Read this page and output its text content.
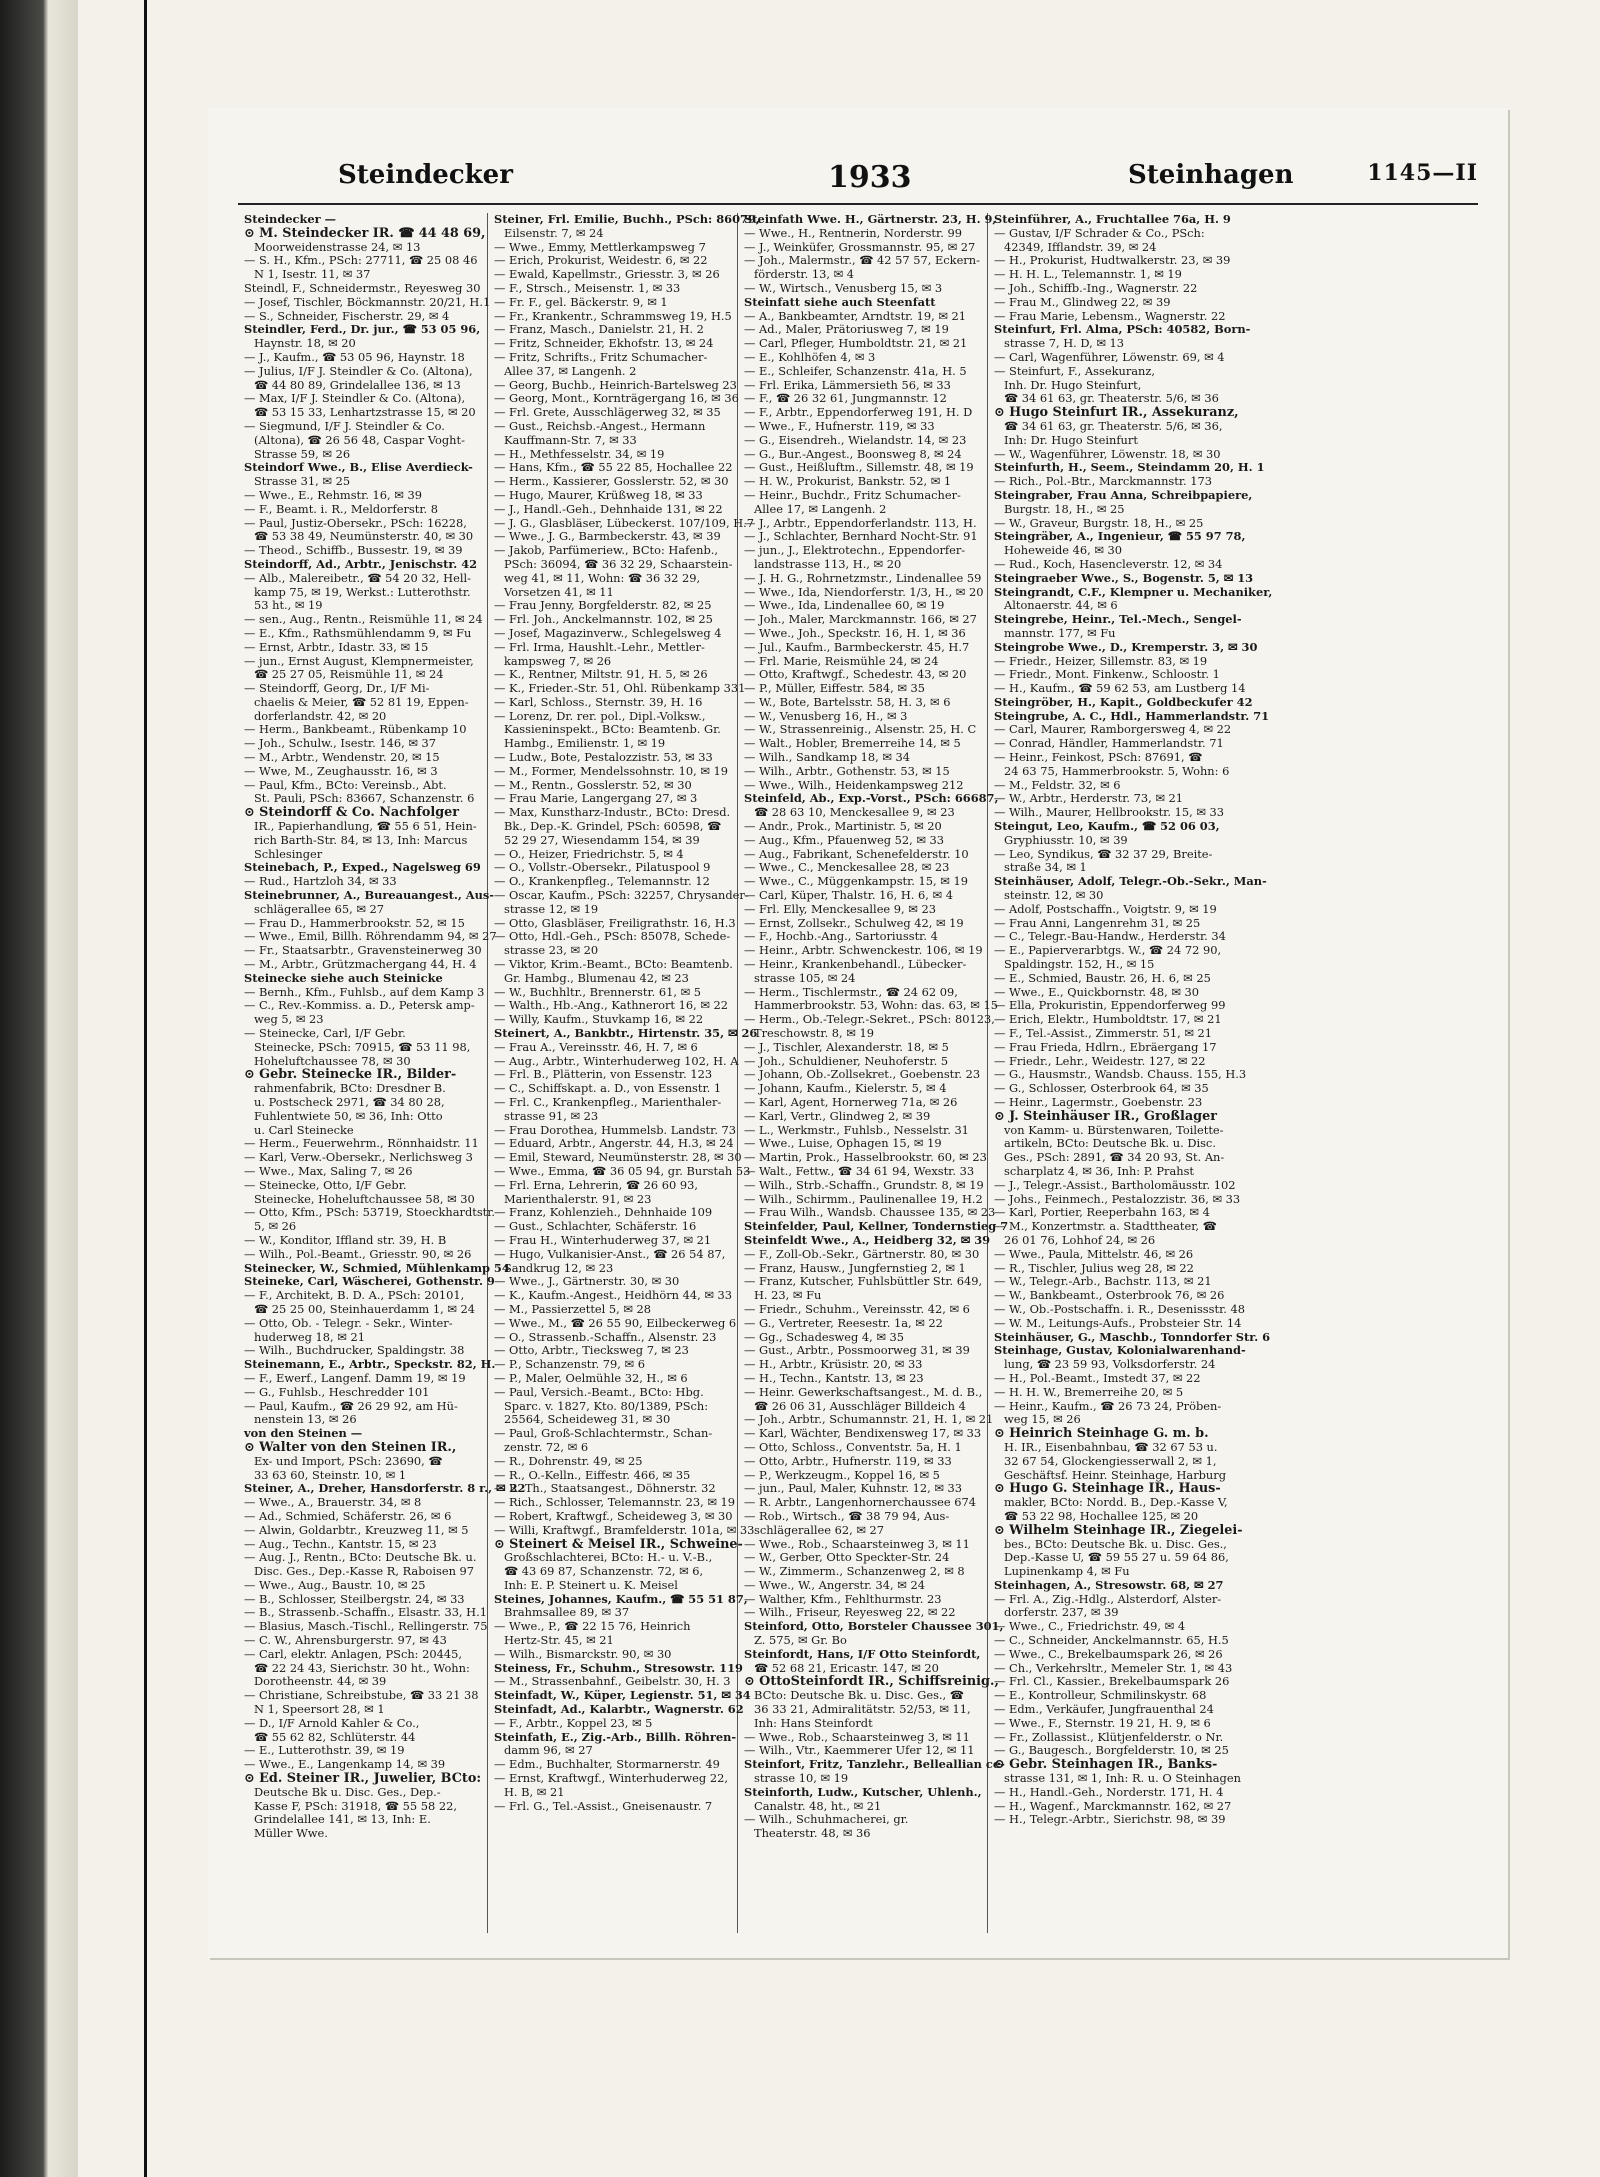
Steindecker	1933	Steinhagen	1145—II

Steindecker —

⊙ M. Steindecker IR. ☎ 44 48 69,

Moorweidenstrasse 24, ✉ 13

— S. H., Kfm., PSch: 27711, ☎ 25 08 46

N 1, Isestr. 11, ✉ 37

Steindl, F., Schneidermstr., Reyesweg 30

— Josef, Tischler, Böckmannstr. 20/21, H.1

— S., Schneider, Fischerstr. 29, ✉ 4

Steindler, Ferd., Dr. jur., ☎ 53 05 96,

Haynstr. 18, ✉ 20

— J., Kaufm., ☎ 53 05 96, Haynstr. 18

— Julius, I/F J. Steindler & Co. (Altona),

☎ 44 80 89, Grindelallee 136, ✉ 13

— Max, I/F J. Steindler & Co. (Altona),

☎ 53 15 33, Lenhartzstrasse 15, ✉ 20

— Siegmund, I/F J. Steindler & Co.

(Altona), ☎ 26 56 48, Caspar Voght-

Strasse 59, ✉ 26

Steindorf Wwe., B., Elise Averdieck-

Strasse 31, ✉ 25

— Wwe., E., Rehmstr. 16, ✉ 39

— F., Beamt. i. R., Meldorferstr. 8

— Paul, Justiz-Obersekr., PSch: 16228,

☎ 53 38 49, Neumünsterstr. 40, ✉ 30

— Theod., Schiffb., Bussestr. 19, ✉ 39

Steindorff, Ad., Arbtr., Jenischstr. 42

— Alb., Malereibetr., ☎ 54 20 32, Hell-

kamp 75, ✉ 19, Werkst.: Lutterothstr.

53 ht., ✉ 19

— sen., Aug., Rentn., Reismühle 11, ✉ 24

— E., Kfm., Rathsmühlendamm 9, ✉ Fu

— Ernst, Arbtr., Idastr. 33, ✉ 15

— jun., Ernst August, Klempnermeister,

☎ 25 27 05, Reismühle 11, ✉ 24

— Steindorff, Georg, Dr., I/F Mi-

chaelis & Meier, ☎ 52 81 19, Eppen-

dorferlandstr. 42, ✉ 20

— Herm., Bankbeamt., Rübenkamp 10

— Joh., Schulw., Isestr. 146, ✉ 37

— M., Arbtr., Wendenstr. 20, ✉ 15

— Wwe, M., Zeughausstr. 16, ✉ 3

— Paul, Kfm., BCto: Vereinsb., Abt.

St. Pauli, PSch: 83667, Schanzenstr. 6

⊙ Steindorff & Co. Nachfolger

IR., Papierhandlung, ☎ 55 6 51, Hein-

rich Barth-Str. 84, ✉ 13, Inh: Marcus

Schlesinger

Steinebach, P., Exped., Nagelsweg 69

— Rud., Hartzloh 34, ✉ 33

Steinebrunner, A., Bureauangest., Aus-

schlägerallee 65, ✉ 27

— Frau D., Hammerbrookstr. 52, ✉ 15

— Wwe., Emil, Billh. Röhrendamm 94, ✉ 27

— Fr., Staatsarbtr., Gravensteinerweg 30

— M., Arbtr., Grützmachergang 44, H. 4

Steinecke siehe auch Steinicke

— Bernh., Kfm., Fuhlsb., auf dem Kamp 3

— C., Rev.-Kommiss. a. D., Petersk amp-

weg 5, ✉ 23

— Steinecke, Carl, I/F Gebr.

Steinecke, PSch: 70915, ☎ 53 11 98,

Hoheluftchaussee 78, ✉ 30

⊙ Gebr. Steinecke IR., Bilder-

rahmenfabrik, BCto: Dresdner B.

u. Postscheck 2971, ☎ 34 80 28,

Fuhlentwiete 50, ✉ 36, Inh: Otto

u. Carl Steinecke

— Herm., Feuerwehrm., Rönnhaidstr. 11

— Karl, Verw.-Obersekr., Nerlichsweg 3

— Wwe., Max, Saling 7, ✉ 26

— Steinecke, Otto, I/F Gebr.

Steinecke, Hoheluftchaussee 58, ✉ 30

— Otto, Kfm., PSch: 53719, Stoeckhardtstr.

5, ✉ 26

— W., Konditor, Iffland str. 39, H. B

— Wilh., Pol.-Beamt., Griesstr. 90, ✉ 26

Steinecker, W., Schmied, Mühlenkamp 54

Steineke, Carl, Wäscherei, Gothenstr. 9

— F., Architekt, B. D. A., PSch: 20101,

☎ 25 25 00, Steinhauerdamm 1, ✉ 24

— Otto, Ob. - Telegr. - Sekr., Winter-

huderweg 18, ✉ 21

— Wilh., Buchdrucker, Spaldingstr. 38

Steinemann, E., Arbtr., Speckstr. 82, H.

— F., Ewerf., Langenf. Damm 19, ✉ 19

— G., Fuhlsb., Heschredder 101

— Paul, Kaufm., ☎ 26 29 92, am Hü-

nenstein 13, ✉ 26

von den Steinen —

⊙ Walter von den Steinen IR.,

Ex- und Import, PSch: 23690, ☎

33 63 60, Steinstr. 10, ✉ 1

Steiner, A., Dreher, Hansdorferstr. 8 r., ✉ 22

— Wwe., A., Brauerstr. 34, ✉ 8

— Ad., Schmied, Schäferstr. 26, ✉ 6

— Alwin, Goldarbtr., Kreuzweg 11, ✉ 5

— Aug., Techn., Kantstr. 15, ✉ 23

— Aug. J., Rentn., BCto: Deutsche Bk. u.

Disc. Ges., Dep.-Kasse R, Raboisen 97

— Wwe., Aug., Baustr. 10, ✉ 25

— B., Schlosser, Steilbergstr. 24, ✉ 33

— B., Strassenb.-Schaffn., Elsastr. 33, H.1

— Blasius, Masch.-Tischl., Rellingerstr. 75

— C. W., Ahrensburgerstr. 97, ✉ 43

— Carl, elektr. Anlagen, PSch: 20445,

☎ 22 24 43, Sierichstr. 30 ht., Wohn:

Dorotheenstr. 44, ✉ 39

— Christiane, Schreibstube, ☎ 33 21 38

N 1, Speersort 28, ✉ 1

— D., I/F Arnold Kahler & Co.,

☎ 55 62 82, Schlüterstr. 44

— E., Lutterothstr. 39, ✉ 19

— Wwe., E., Langenkamp 14, ✉ 39

⊙ Ed. Steiner IR., Juwelier, BCto:

Deutsche Bk u. Disc. Ges., Dep.-

Kasse F, PSch: 31918, ☎ 55 58 22,

Grindelallee 141, ✉ 13, Inh: E.

Müller Wwe.

Steiner, Frl. Emilie, Buchh., PSch: 86079,

Eilsenstr. 7, ✉ 24

— Wwe., Emmy, Mettlerkampsweg 7

— Erich, Prokurist, Weidestr. 6, ✉ 22

— Ewald, Kapellmstr., Griesstr. 3, ✉ 26

— F., Strsch., Meisenstr. 1, ✉ 33

— Fr. F., gel. Bäckerstr. 9, ✉ 1

— Fr., Krankentr., Schrammsweg 19, H.5

— Franz, Masch., Danielstr. 21, H. 2

— Fritz, Schneider, Ekhofstr. 13, ✉ 24

— Fritz, Schrifts., Fritz Schumacher-

Allee 37, ✉ Langenh. 2

— Georg, Buchb., Heinrich-Bartelsweg 23

— Georg, Mont., Kornträgergang 16, ✉ 36

— Frl. Grete, Ausschlägerweg 32, ✉ 35

— Gust., Reichsb.-Angest., Hermann

Kauffmann-Str. 7, ✉ 33

— H., Methfesselstr. 34, ✉ 19

— Hans, Kfm., ☎ 55 22 85, Hochallee 22

— Herm., Kassierer, Gosslerstr. 52, ✉ 30

— Hugo, Maurer, Krüßweg 18, ✉ 33

— J., Handl.-Geh., Dehnhaide 131, ✉ 22

— J. G., Glasbläser, Lübeckerst. 107/109, H.7

— Wwe., J. G., Barmbeckerstr. 43, ✉ 39

— Jakob, Parfümeriew., BCto: Hafenb.,

PSch: 36094, ☎ 36 32 29, Schaarstein-

weg 41, ✉ 11, Wohn: ☎ 36 32 29,

Vorsetzen 41, ✉ 11

— Frau Jenny, Borgfelderstr. 82, ✉ 25

— Frl. Joh., Anckelmannstr. 102, ✉ 25

— Josef, Magazinverw., Schlegelsweg 4

— Frl. Irma, Haushlt.-Lehr., Mettler-

kampsweg 7, ✉ 26

— K., Rentner, Miltstr. 91, H. 5, ✉ 26

— K., Frieder.-Str. 51, Ohl. Rübenkamp 331

— Karl, Schloss., Sternstr. 39, H. 16

— Lorenz, Dr. rer. pol., Dipl.-Volksw.,

Kassieninspekt., BCto: Beamtenb. Gr.

Hambg., Emilienstr. 1, ✉ 19

— Ludw., Bote, Pestalozzistr. 53, ✉ 33

— M., Former, Mendelssohnstr. 10, ✉ 19

— M., Rentn., Gosslerstr. 52, ✉ 30

— Frau Marie, Langergang 27, ✉ 3

— Max, Kunstharz-Industr., BCto: Dresd.

Bk., Dep.-K. Grindel, PSch: 60598, ☎

52 29 27, Wiesendamm 154, ✉ 39

— O., Heizer, Friedrichstr. 5, ✉ 4

— O., Vollstr.-Obersekr., Pilatuspool 9

— O., Krankenpfleg., Telemannstr. 12

— Oscar, Kaufm., PSch: 32257, Chrysander-

strasse 12, ✉ 19

— Otto, Glasbläser, Freiligrathstr. 16, H.3

— Otto, Hdl.-Geh., PSch: 85078, Schede-

strasse 23, ✉ 20

— Viktor, Krim.-Beamt., BCto: Beamtenb.

Gr. Hambg., Blumenau 42, ✉ 23

— W., Buchhltr., Brennerstr. 61, ✉ 5

— Walth., Hb.-Ang., Kathnerort 16, ✉ 22

— Willy, Kaufm., Stuvkamp 16, ✉ 22

Steinert, A., Bankbtr., Hirtenstr. 35, ✉ 26

— Frau A., Vereinsstr. 46, H. 7, ✉ 6

— Aug., Arbtr., Winterhuderweg 102, H. A

— Frl. B., Plätterin, von Essenstr. 123

— C., Schiffskapt. a. D., von Essenstr. 1

— Frl. C., Krankenpfleg., Marienthaler-

strasse 91, ✉ 23

— Frau Dorothea, Hummelsb. Landstr. 73

— Eduard, Arbtr., Angerstr. 44, H.3, ✉ 24

— Emil, Steward, Neumünsterstr. 28, ✉ 30

— Wwe., Emma, ☎ 36 05 94, gr. Burstah 53

— Frl. Erna, Lehrerin, ☎ 26 60 93,

Marienthalerstr. 91, ✉ 23

— Franz, Kohlenzieh., Dehnhaide 109

— Gust., Schlachter, Schäferstr. 16

— Frau H., Winterhuderweg 37, ✉ 21

— Hugo, Vulkanisier-Anst., ☎ 26 54 87,

Sandkrug 12, ✉ 23

— Wwe., J., Gärtnerstr. 30, ✉ 30

— K., Kaufm.-Angest., Heidhörn 44, ✉ 33

— M., Passierzettel 5, ✉ 28

— Wwe., M., ☎ 26 55 90, Eilbeckerweg 6

— O., Strassenb.-Schaffn., Alsenstr. 23

— Otto, Arbtr., Tiecksweg 7, ✉ 23

— P., Schanzenstr. 79, ✉ 6

— P., Maler, Oelmühle 32, H., ✉ 6

— Paul, Versich.-Beamt., BCto: Hbg.

Sparc. v. 1827, Kto. 80/1389, PSch:

25564, Scheideweg 31, ✉ 30

— Paul, Groß-Schlachtermstr., Schan-

zenstr. 72, ✉ 6

— R., Dohrenstr. 49, ✉ 25

— R., O.-Kelln., Eiffestr. 466, ✉ 35

— R. Th., Staatsangest., Döhnerstr. 32

— Rich., Schlosser, Telemannstr. 23, ✉ 19

— Robert, Kraftwgf., Scheideweg 3, ✉ 30

— Willi, Kraftwgf., Bramfelderstr. 101a, ✉ 33

⊙ Steinert & Meisel IR., Schweine-

Großschlachterei, BCto: H.- u. V.-B.,

☎ 43 69 87, Schanzenstr. 72, ✉ 6,

Inh: E. P. Steinert u. K. Meisel

Steines, Johannes, Kaufm., ☎ 55 51 87,

Brahmsallee 89, ✉ 37

— Wwe., P., ☎ 22 15 76, Heinrich

Hertz-Str. 45, ✉ 21

— Wilh., Bismarckstr. 90, ✉ 30

Steiness, Fr., Schuhm., Stresowstr. 119

— M., Strassenbahnf., Geibelstr. 30, H. 3

Steinfadt, W., Küper, Legienstr. 51, ✉ 34

Steinfadt, Ad., Kalarbtr., Wagnerstr. 62

— F., Arbtr., Koppel 23, ✉ 5

Steinfath, E., Zig.-Arb., Billh. Röhren-

damm 96, ✉ 27

— Edm., Buchhalter, Stormarnerstr. 49

— Ernst, Kraftwgf., Winterhuderweg 22,

H. B, ✉ 21

— Frl. G., Tel.-Assist., Gneisenaustr. 7

Steinfath Wwe. H., Gärtnerstr. 23, H. 9,

— Wwe., H., Rentnerin, Norderstr. 99

— J., Weinküfer, Grossmannstr. 95, ✉ 27

— Joh., Malermstr., ☎ 42 57 57, Eckern-

förderstr. 13, ✉ 4

— W., Wirtsch., Venusberg 15, ✉ 3

Steinfatt siehe auch Steenfatt

— A., Bankbeamter, Arndtstr. 19, ✉ 21

— Ad., Maler, Prätoriusweg 7, ✉ 19

— Carl, Pfleger, Humboldtstr. 21, ✉ 21

— E., Kohlhöfen 4, ✉ 3

— E., Schleifer, Schanzenstr. 41a, H. 5

— Frl. Erika, Lämmersieth 56, ✉ 33

— F., ☎ 26 32 61, Jungmannstr. 12

— F., Arbtr., Eppendorferweg 191, H. D

— Wwe., F., Hufnerstr. 119, ✉ 33

— G., Eisendreh., Wielandstr. 14, ✉ 23

— G., Bur.-Angest., Boonsweg 8, ✉ 24

— Gust., Heißluftm., Sillemstr. 48, ✉ 19

— H. W., Prokurist, Bankstr. 52, ✉ 1

— Heinr., Buchdr., Fritz Schumacher-

Allee 17, ✉ Langenh. 2

— J., Arbtr., Eppendorferlandstr. 113, H.

— J., Schlachter, Bernhard Nocht-Str. 91

— jun., J., Elektrotechn., Eppendorfer-

landstrasse 113, H., ✉ 20

— J. H. G., Rohrnetzmstr., Lindenallee 59

— Wwe., Ida, Niendorferstr. 1/3, H., ✉ 20

— Wwe., Ida, Lindenallee 60, ✉ 19

— Joh., Maler, Marckmannstr. 166, ✉ 27

— Wwe., Joh., Speckstr. 16, H. 1, ✉ 36

— Jul., Kaufm., Barmbeckerstr. 45, H.7

— Frl. Marie, Reismühle 24, ✉ 24

— Otto, Kraftwgf., Schedestr. 43, ✉ 20

— P., Müller, Eiffestr. 584, ✉ 35

— W., Bote, Bartelsstr. 58, H. 3, ✉ 6

— W., Venusberg 16, H., ✉ 3

— W., Strassenreinig., Alsenstr. 25, H. C

— Walt., Hobler, Bremerreihe 14, ✉ 5

— Wilh., Sandkamp 18, ✉ 34

— Wilh., Arbtr., Gothenstr. 53, ✉ 15

— Wwe., Wilh., Heidenkampsweg 212

Steinfeld, Ab., Exp.-Vorst., PSch: 66687,

☎ 28 63 10, Menckesallee 9, ✉ 23

— Andr., Prok., Martinistr. 5, ✉ 20

— Aug., Kfm., Pfauenweg 52, ✉ 33

— Aug., Fabrikant, Schenefelderstr. 10

— Wwe., C., Menckesallee 28, ✉ 23

— Wwe., C., Müggenkampstr. 15, ✉ 19

— Carl, Küper, Thalstr. 16, H. 6, ✉ 4

— Frl. Elly, Menckesallee 9, ✉ 23

— Ernst, Zollsekr., Schulweg 42, ✉ 19

— F., Hochb.-Ang., Sartoriusstr. 4

— Heinr., Arbtr. Schwenckestr. 106, ✉ 19

— Heinr., Krankenbehandl., Lübecker-

strasse 105, ✉ 24

— Herm., Tischlermstr., ☎ 24 62 09,

Hammerbrookstr. 53, Wohn: das. 63, ✉ 15

— Herm., Ob.-Telegr.-Sekret., PSch: 80123,

Treschowstr. 8, ✉ 19

— J., Tischler, Alexanderstr. 18, ✉ 5

— Joh., Schuldiener, Neuhoferstr. 5

— Johann, Ob.-Zollsekret., Goebenstr. 23

— Johann, Kaufm., Kielerstr. 5, ✉ 4

— Karl, Agent, Hornerweg 71a, ✉ 26

— Karl, Vertr., Glindweg 2, ✉ 39

— L., Werkmstr., Fuhlsb., Nesselstr. 31

— Wwe., Luise, Ophagen 15, ✉ 19

— Martin, Prok., Hasselbrookstr. 60, ✉ 23

— Walt., Fettw., ☎ 34 61 94, Wexstr. 33

— Wilh., Strb.-Schaffn., Grundstr. 8, ✉ 19

— Wilh., Schirmm., Paulinenallee 19, H.2

— Frau Wilh., Wandsb. Chaussee 135, ✉ 23

Steinfelder, Paul, Kellner, Tondernstieg 7

Steinfeldt Wwe., A., Heidberg 32, ✉ 39

— F., Zoll-Ob.-Sekr., Gärtnerstr. 80, ✉ 30

— Franz, Hausw., Jungfernstieg 2, ✉ 1

— Franz, Kutscher, Fuhlsbüttler Str. 649,

H. 23, ✉ Fu

— Friedr., Schuhm., Vereinsstr. 42, ✉ 6

— G., Vertreter, Reesestr. 1a, ✉ 22

— Gg., Schadesweg 4, ✉ 35

— Gust., Arbtr., Possmoorweg 31, ✉ 39

— H., Arbtr., Krüsistr. 20, ✉ 33

— H., Techn., Kantstr. 13, ✉ 23

— Heinr. Gewerkschaftsangest., M. d. B.,

☎ 26 06 31, Ausschläger Billdeich 4

— Joh., Arbtr., Schumannstr. 21, H. 1, ✉ 21

— Karl, Wächter, Bendixensweg 17, ✉ 33

— Otto, Schloss., Conventstr. 5a, H. 1

— Otto, Arbtr., Hufnerstr. 119, ✉ 33

— P., Werkzeugm., Koppel 16, ✉ 5

— jun., Paul, Maler, Kuhnstr. 12, ✉ 33

— R. Arbtr., Langenhornerchaussee 674

— Rob., Wirtsch., ☎ 38 79 94, Aus-

schlägerallee 62, ✉ 27

— Wwe., Rob., Schaarsteinweg 3, ✉ 11

— W., Gerber, Otto Speckter-Str. 24

— W., Zimmerm., Schanzenweg 2, ✉ 8

— Wwe., W., Angerstr. 34, ✉ 24

— Walther, Kfm., Fehlthurmstr. 23

— Wilh., Friseur, Reyesweg 22, ✉ 22

Steinford, Otto, Borsteler Chaussee 301,

Z. 575, ✉ Gr. Bo

Steinfordt, Hans, I/F Otto Steinfordt,

☎ 52 68 21, Ericastr. 147, ✉ 20

⊙ OttoSteinfordt IR., Schiffsreinig.,

BCto: Deutsche Bk. u. Disc. Ges., ☎

36 33 21, Admiralitätstr. 52/53, ✉ 11,

Inh: Hans Steinfordt

— Wwe., Rob., Schaarsteinweg 3, ✉ 11

— Wilh., Vtr., Kaemmerer Ufer 12, ✉ 11

Steinfort, Fritz, Tanzlehr., Belleallian ce-

strasse 10, ✉ 19

Steinforth, Ludw., Kutscher, Uhlenh.,

Canalstr. 48, ht., ✉ 21

— Wilh., Schuhmacherei, gr.

Theaterstr. 48, ✉ 36

Steinführer, A., Fruchtallee 76a, H. 9

— Gustav, I/F Schrader & Co., PSch:

42349, Ifflandstr. 39, ✉ 24

— H., Prokurist, Hudtwalkerstr. 23, ✉ 39

— H. H. L., Telemannstr. 1, ✉ 19

— Joh., Schiffb.-Ing., Wagnerstr. 22

— Frau M., Glindweg 22, ✉ 39

— Frau Marie, Lebensm., Wagnerstr. 22

Steinfurt, Frl. Alma, PSch: 40582, Born-

strasse 7, H. D, ✉ 13

— Carl, Wagenführer, Löwenstr. 69, ✉ 4

— Steinfurt, F., Assekuranz,

Inh. Dr. Hugo Steinfurt,

☎ 34 61 63, gr. Theaterstr. 5/6, ✉ 36

⊙ Hugo Steinfurt IR., Assekuranz,

☎ 34 61 63, gr. Theaterstr. 5/6, ✉ 36,

Inh: Dr. Hugo Steinfurt

— W., Wagenführer, Löwenstr. 18, ✉ 30

Steinfurth, H., Seem., Steindamm 20, H. 1

— Rich., Pol.-Btr., Marckmannstr. 173

Steingraber, Frau Anna, Schreibpapiere,

Burgstr. 18, H., ✉ 25

— W., Graveur, Burgstr. 18, H., ✉ 25

Steingräber, A., Ingenieur, ☎ 55 97 78,

Hoheweide 46, ✉ 30

— Rud., Koch, Hasencleverstr. 12, ✉ 34

Steingraeber Wwe., S., Bogenstr. 5, ✉ 13

Steingrandt, C.F., Klempner u. Mechaniker,

Altonaerstr. 44, ✉ 6

Steingrebe, Heinr., Tel.-Mech., Sengel-

mannstr. 177, ✉ Fu

Steingrobe Wwe., D., Kremperstr. 3, ✉ 30

— Friedr., Heizer, Sillemstr. 83, ✉ 19

— Friedr., Mont. Finkenw., Schloostr. 1

— H., Kaufm., ☎ 59 62 53, am Lustberg 14

Steingröber, H., Kapit., Goldbeckufer 42

Steingrube, A. C., Hdl., Hammerlandstr. 71

— Carl, Maurer, Ramborgersweg 4, ✉ 22

— Conrad, Händler, Hammerlandstr. 71

— Heinr., Feinkost, PSch: 87691, ☎

24 63 75, Hammerbrookstr. 5, Wohn: 6

— M., Feldstr. 32, ✉ 6

— W., Arbtr., Herderstr. 73, ✉ 21

— Wilh., Maurer, Hellbrookstr. 15, ✉ 33

Steingut, Leo, Kaufm., ☎ 52 06 03,

Gryphiusstr. 10, ✉ 39

— Leo, Syndikus, ☎ 32 37 29, Breite-

straße 34, ✉ 1

Steinhäuser, Adolf, Telegr.-Ob.-Sekr., Man-

steinstr. 12, ✉ 30

— Adolf, Postschaffn., Voigtstr. 9, ✉ 19

— Frau Anni, Langenrehm 31, ✉ 25

— C., Telegr.-Bau-Handw., Herderstr. 34

— E., Papierverarbtgs. W., ☎ 24 72 90,

Spaldingstr. 152, H., ✉ 15

— E., Schmied, Baustr. 26, H. 6, ✉ 25

— Wwe., E., Quickbornstr. 48, ✉ 30

— Ella, Prokuristin, Eppendorferweg 99

— Erich, Elektr., Humboldtstr. 17, ✉ 21

— F., Tel.-Assist., Zimmerstr. 51, ✉ 21

— Frau Frieda, Hdlrn., Ebräergang 17

— Friedr., Lehr., Weidestr. 127, ✉ 22

— G., Hausmstr., Wandsb. Chauss. 155, H.3

— G., Schlosser, Osterbrook 64, ✉ 35

— Heinr., Lagermstr., Goebenstr. 23

⊙ J. Steinhäuser IR., Großlager

von Kamm- u. Bürstenwaren, Toilette-

artikeln, BCto: Deutsche Bk. u. Disc.

Ges., PSch: 2891, ☎ 34 20 93, St. An-

scharplatz 4, ✉ 36, Inh: P. Prahst

— J., Telegr.-Assist., Bartholomäusstr. 102

— Johs., Feinmech., Pestalozzistr. 36, ✉ 33

— Karl, Portier, Reeperbahn 163, ✉ 4

— M., Konzertmstr. a. Stadttheater, ☎

26 01 76, Lohhof 24, ✉ 26

— Wwe., Paula, Mittelstr. 46, ✉ 26

— R., Tischler, Julius weg 28, ✉ 22

— W., Telegr.-Arb., Bachstr. 113, ✉ 21

— W., Bankbeamt., Osterbrook 76, ✉ 26

— W., Ob.-Postschaffn. i. R., Desenissstr. 48

— W. M., Leitungs-Aufs., Probsteier Str. 14

Steinhäuser, G., Maschb., Tonndorfer Str. 6

Steinhage, Gustav, Kolonialwarenhand-

lung, ☎ 23 59 93, Volksdorferstr. 24

— H., Pol.-Beamt., Imstedt 37, ✉ 22

— H. H. W., Bremerreihe 20, ✉ 5

— Heinr., Kaufm., ☎ 26 73 24, Pröben-

weg 15, ✉ 26

⊙ Heinrich Steinhage G. m. b.

H. IR., Eisenbahnbau, ☎ 32 67 53 u.

32 67 54, Glockengiesserwall 2, ✉ 1,

Geschäftsf. Heinr. Steinhage, Harburg

⊙ Hugo G. Steinhage IR., Haus-

makler, BCto: Nordd. B., Dep.-Kasse V,

☎ 53 22 98, Hochallee 125, ✉ 20

⊙ Wilhelm Steinhage IR., Ziegelei-

bes., BCto: Deutsche Bk. u. Disc. Ges.,

Dep.-Kasse U, ☎ 59 55 27 u. 59 64 86,

Lupinenkamp 4, ✉ Fu

Steinhagen, A., Stresowstr. 68, ✉ 27

— Frl. A., Zig.-Hdlg., Alsterdorf, Alster-

dorferstr. 237, ✉ 39

— Wwe., C., Friedrichstr. 49, ✉ 4

— C., Schneider, Anckelmannstr. 65, H.5

— Wwe., C., Brekelbaumspark 26, ✉ 26

— Ch., Verkehrsltr., Memeler Str. 1, ✉ 43

— Frl. Cl., Kassier., Brekelbaumspark 26

— E., Kontrolleur, Schmilinskystr. 68

— Edm., Verkäufer, Jungfrauenthal 24

— Wwe., F., Sternstr. 19 21, H. 9, ✉ 6

— Fr., Zollassist., Klütjenfelderstr. o Nr.

— G., Baugesch., Borgfelderstr. 10, ✉ 25

⊙ Gebr. Steinhagen IR., Banks-

strasse 131, ✉ 1, Inh: R. u. O Steinhagen

— H., Handl.-Geh., Norderstr. 171, H. 4

— H., Wagenf., Marckmannstr. 162, ✉ 27

— H., Telegr.-Arbtr., Sierichstr. 98, ✉ 39
